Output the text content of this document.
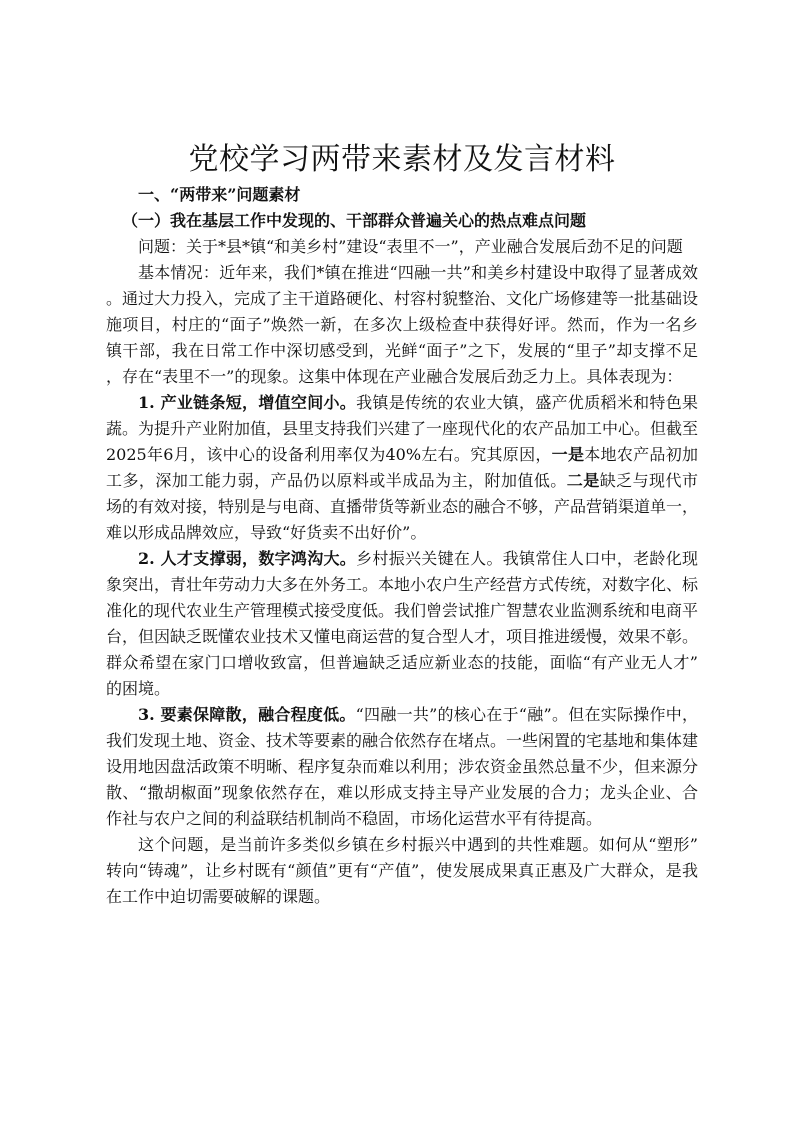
党校学习两带来素材及发言材料

一、“两带来”问题素材

（一）我在基层工作中发现的、干部群众普遍关心的热点难点问题

问题：关于*县*镇“和美乡村”建设“表里不一”，产业融合发展后劲不足的问题

基本情况：近年来，我们*镇在推进“四融一共”和美乡村建设中取得了显著成效。通过大力投入，完成了主干道路硬化、村容村貌整治、文化广场修建等一批基础设施项目，村庄的“面子”焕然一新，在多次上级检查中获得好评。然而，作为一名乡镇干部，我在日常工作中深切感受到，光鲜“面子”之下，发展的“里子”却支撑不足，存在“表里不一”的现象。这集中体现在产业融合发展后劲乏力上。具体表现为：

1. 产业链条短，增值空间小。我镇是传统的农业大镇，盛产优质稻米和特色果蔬。为提升产业附加值，县里支持我们兴建了一座现代化的农产品加工中心。但截至2025年6月，该中心的设备利用率仅为40%左右。究其原因，一是本地农产品初加工多，深加工能力弱，产品仍以原料或半成品为主，附加值低。二是缺乏与现代市场的有效对接，特别是与电商、直播带货等新业态的融合不够，产品营销渠道单一，难以形成品牌效应，导致“好货卖不出好价”。

2. 人才支撑弱，数字鸿沟大。乡村振兴关键在人。我镇常住人口中，老龄化现象突出，青壮年劳动力大多在外务工。本地小农户生产经营方式传统，对数字化、标准化的现代农业生产管理模式接受度低。我们曾尝试推广智慧农业监测系统和电商平台，但因缺乏既懂农业技术又懂电商运营的复合型人才，项目推进缓慢，效果不彰。群众希望在家门口增收致富，但普遍缺乏适应新业态的技能，面临“有产业无人才”的困境。

3. 要素保障散，融合程度低。“四融一共”的核心在于“融”。但在实际操作中，我们发现土地、资金、技术等要素的融合依然存在堵点。一些闲置的宅基地和集体建设用地因盘活政策不明晰、程序复杂而难以利用；涉农资金虽然总量不少，但来源分散、“撒胡椒面”现象依然存在，难以形成支持主导产业发展的合力；龙头企业、合作社与农户之间的利益联结机制尚不稳固，市场化运营水平有待提高。

这个问题，是当前许多类似乡镇在乡村振兴中遇到的共性难题。如何从“塑形”转向“铸魂”，让乡村既有“颜值”更有“产值”，使发展成果真正惠及广大群众，是我在工作中迫切需要破解的课题。
